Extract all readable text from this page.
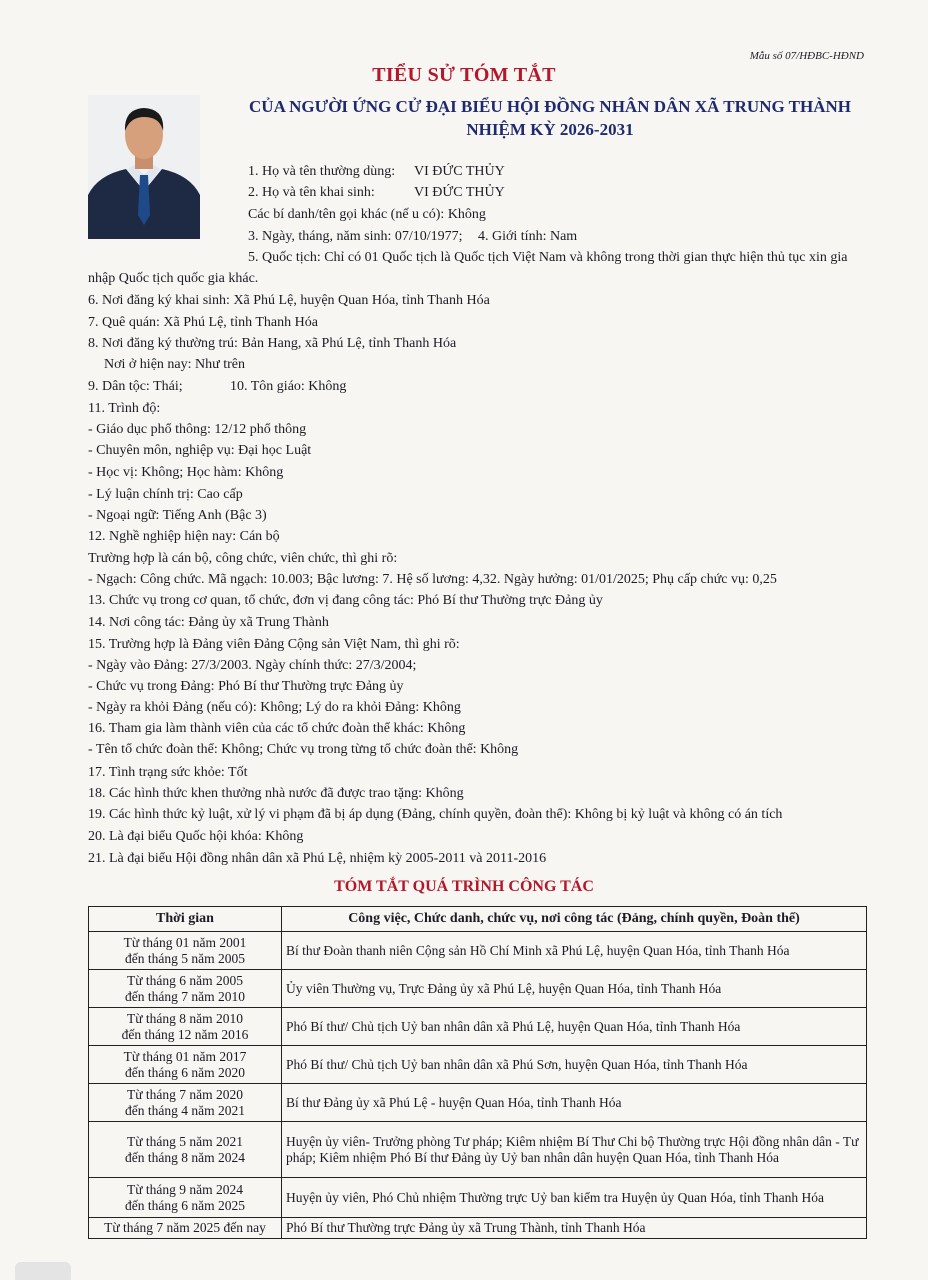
Mẫu số 07/HĐBC-HĐND
TIỂU SỬ TÓM TẮT
CỦA NGƯỜI ỨNG CỬ ĐẠI BIỂU HỘI ĐỒNG NHÂN DÂN XÃ TRUNG THÀNH
NHIỆM KỲ 2026-2031
1. Họ và tên thường dùng: VI ĐỨC THỦY
2. Họ và tên khai sinh:	VI ĐỨC THỦY
Các bí danh/tên gọi khác (nế u có): Không
3. Ngày, tháng, năm sinh: 07/10/1977; 4. Giới tính: Nam
5. Quốc tịch: Chỉ có 01 Quốc tịch là Quốc tịch Việt Nam và không trong thời gian thực hiện thủ tục xin gia
nhập Quốc tịch quốc gia khác.
6. Nơi đăng ký khai sinh: Xã Phú Lệ, huyện Quan Hóa, tỉnh Thanh Hóa
7. Quê quán: Xã Phú Lệ, tỉnh Thanh Hóa
8. Nơi đăng ký thường trú: Bản Hang, xã Phú Lệ, tỉnh Thanh Hóa
Nơi ở hiện nay: Như trên
9. Dân tộc: Thái;	10. Tôn giáo: Không
11. Trình độ:
- Giáo dục phổ thông: 12/12 phổ thông
- Chuyên môn, nghiệp vụ: Đại học Luật
- Học vị: Không; Học hàm: Không
- Lý luận chính trị: Cao cấp
- Ngoại ngữ: Tiếng Anh (Bậc 3)
12. Nghề nghiệp hiện nay: Cán bộ
Trường hợp là cán bộ, công chức, viên chức, thì ghi rõ:
- Ngạch: Công chức. Mã ngạch: 10.003; Bậc lương: 7. Hệ số lương: 4,32. Ngày hưởng: 01/01/2025; Phụ cấp chức vụ: 0,25
13. Chức vụ trong cơ quan, tổ chức, đơn vị đang công tác: Phó Bí thư Thường trực Đảng ủy
14. Nơi công tác: Đảng ủy xã Trung Thành
15. Trường hợp là Đảng viên Đảng Cộng sản Việt Nam, thì ghi rõ:
- Ngày vào Đảng: 27/3/2003. Ngày chính thức: 27/3/2004;
- Chức vụ trong Đảng: Phó Bí thư Thường trực Đảng ủy
- Ngày ra khỏi Đảng (nếu có): Không; Lý do ra khỏi Đảng: Không
16. Tham gia làm thành viên của các tổ chức đoàn thể khác: Không
- Tên tổ chức đoàn thể: Không; Chức vụ trong từng tổ chức đoàn thể: Không
17. Tình trạng sức khỏe: Tốt
18. Các hình thức khen thưởng nhà nước đã được trao tặng: Không
19. Các hình thức kỷ luật, xử lý vi phạm đã bị áp dụng (Đảng, chính quyền, đoàn thể): Không bị kỷ luật và không có án tích
20. Là đại biểu Quốc hội khóa: Không
21. Là đại biểu Hội đồng nhân dân xã Phú Lệ, nhiệm kỳ 2005-2011 và 2011-2016
TÓM TẮT QUÁ TRÌNH CÔNG TÁC
Thời gian	Công việc, Chức danh, chức vụ, nơi công tác (Đảng, chính quyền, Đoàn thể)
Từ tháng 01 năm 2001
đến tháng 5 năm 2005	Bí thư Đoàn thanh niên Cộng sản Hồ Chí Minh xã Phú Lệ, huyện Quan Hóa, tỉnh Thanh Hóa
Từ tháng 6 năm 2005
đến tháng 7 năm 2010	Ủy viên Thường vụ, Trực Đảng ủy xã Phú Lệ, huyện Quan Hóa, tỉnh Thanh Hóa
Từ tháng 8 năm 2010
đến tháng 12 năm 2016	Phó Bí thư/ Chủ tịch Uỷ ban nhân dân xã Phú Lệ, huyện Quan Hóa, tỉnh Thanh Hóa
Từ tháng 01 năm 2017
đến tháng 6 năm 2020	Phó Bí thư/ Chủ tịch Uỷ ban nhân dân xã Phú Sơn, huyện Quan Hóa, tỉnh Thanh Hóa
Từ tháng 7 năm 2020
đến tháng 4 năm 2021	Bí thư Đảng ủy xã Phú Lệ - huyện Quan Hóa, tỉnh Thanh Hóa
Từ tháng 5 năm 2021
đến tháng 8 năm 2024	Huyện ủy viên- Trưởng phòng Tư pháp; Kiêm nhiệm Bí Thư Chi bộ Thường trực Hội đồng nhân dân - Tư pháp; Kiêm nhiệm Phó Bí thư Đảng ủy Uỷ ban nhân dân huyện Quan Hóa, tỉnh Thanh Hóa
Từ tháng 9 năm 2024
đến tháng 6 năm 2025	Huyện ủy viên, Phó Chủ nhiệm Thường trực Uỷ ban kiểm tra Huyện ủy Quan Hóa, tỉnh Thanh Hóa
Từ tháng 7 năm 2025 đến nay	Phó Bí thư Thường trực Đảng ủy xã Trung Thành, tỉnh Thanh Hóa
